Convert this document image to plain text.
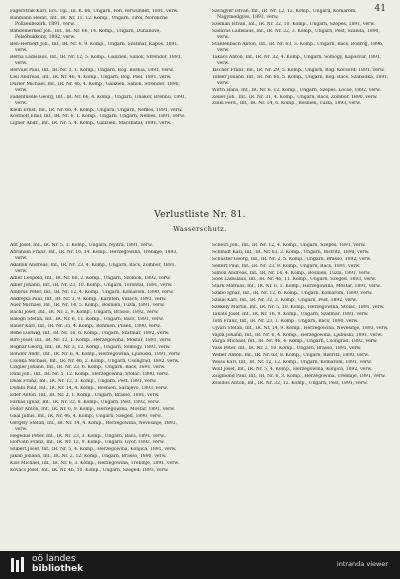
41

Fagerstrak Karl, Ers. Tgl., Ill. K. 66, Ungarn, Fon, verwundet, 1891, verw.

Banmann Heinr., Inf., IR. Nr. 11. 12. Komp., Ungarn, Tirol, Nördliche Polizenbezirk, 1891, verw.

Bandemerkeil Joh., Inf., IR. Nr. 66, 14. Komp., Ungarn, Dunanove, Felsöbukkony, 1892, verw.

Ben-Herbert Joh., Inf., IR. Nr. 6, 9. Komp., Ungarn, Szatmár, Kapos, 1891, verw.

Berna Ladislaus, Inf., IR. Nr. 12, 5. Komp., Galizien, Sanok, Strendor, 1893, verw.

Bervuel Paul, Inf., IR. Nr. 3, 1. Komp., Ungarn, Bog. Bosnia, 1891, verw.

Cell Andreas, Inf., IR. Nr. 46, 4. Komp., Ungarn, Bog. Peel, 1891, verw.

Durler Michael, Inf., IR. Nr. 46, 4. Komp., Galizien, Sanok, Strendor, 1896, verw.

Fadenfusele Georg, Inf., IR. Nr. 66, 4. Komp., Ungarn, Unakor, Brennu, 1891, verw.

Klein Ernst, Inf., IR. Nr. 66, 4. Komp., Ungarn, Ungarn, Nemes, 1891, verw.

Kosthoff Emil, Inf., IR. Nr. 6, 1. Komp., Ungarn, Ungarn, Nemes, 1891, verw.

Ligner Andr., Inf., IR. Nr. 5, 4. Komp., Galizien, Macsbatal, 1891, verw.

Savagyer Istvan, Inf., IR. Nr. 12, 12. Komp., Ungarn, Komárom, Nagymedgyes, 1891, verw.

Szeman Istvan, Inf., IR. Nr. 32, 10. Komp., Ungarn, Szepes, 1891, verw.

Sadaras Ladislaus, Inf., IR. Nr. 22, 3. Komp., Ungarn, Pest, Szanda, 1890, verw.

Stanfenbach Anton, Inf., IR. Nr. 63, 3. Komp., Ungarn, Bács, Bodrog, 1896, verw.

Takacs Anton, Inf., IR. Nr. 32, 4. Komp., Ungarn, Somogy, Kaposvár, 1891, verw.

Tischer Franz, Inf., IR. Nr. 29, 5. Komp., Ungarn, Bog. Kocsord, 1891, verw.

Tobler Johann, Inf., IR. Nr. 66, 5. Komp., Ungarn, Bog. Bács, Szabadka, 1891, verw.

Wirth Hans, Inf., IR. Nr. 6, 12. Komp., Ungarn, Szepes, Lőcse, 1892, verw.

Zeiler Joh., Inf., IR. Nr. 31, 4. Komp., Ungarn, Bács, Zombor, 1890, verw.

Zinkl Ferd., Inf., IR. Nr. 14, 6. Komp., Bosnien, Tuzla, 1893, verw.

Verlustliste Nr. 81.
Wasserschutz.

Abt Josef, Inf., IR. Nr. 5, 1. Komp., Ungarn, Nyitra, 1891, verw.

Abraham Franz, Inf., IR. Nr. 16, 14. Komp., Herzegowina, Trebinje, 1893, verw.

Adamik Andreas, Inf., IR. Nr. 23, 4. Komp., Ungarn, Bács, Zombor, 1891, verw.

Adler Leopold, Inf., IR. Nr. 68, 2. Komp., Ungarn, Szolnok, 1892, verw.

Alber Johann, Inf., IR. Nr. 23, 10. Komp., Ungarn, Torontál, 1891, verw.

Ambrus Peter, Inf., IR. Nr. 12, 4. Komp., Ungarn, Komárom, 1890, verw.

Andrejka Paul, Inf., IR. Nr. 3, 9. Komp., Kärnten, Villach, 1893, verw.

Auer Michael, Inf., IR. Nr. 14, 5. Komp., Bosnien, Tuzla, 1891, verw.

Bachl Josef, Inf., IR. Nr. 2, 9. Komp., Ungarn, Brassó, 1892, verw.

Balogh Stefan, Inf., IR. Nr. 6, 11. Komp., Ungarn, Bács, 1891, verw.

Bauer Karl, Inf., IR. Nr. 35, 4. Komp., Böhmen, Pilsen, 1890, verw.

Bene Ludwig, Inf., IR. Nr. 16, 6. Komp., Ungarn, Szatmár, 1892, verw.

Biro Josef, Inf., IR. Nr. 12, 1. Komp., Herzegowina, Mostar, 1891, verw.

Bognar Georg, Inf., IR. Nr. 3, 12. Komp., Ungarn, Somogy, 1893, verw.

Bondor Andr., Inf., IR. Nr. 6, 4. Komp., Herzegowina, Ljubuški, 1891, verw.

Csonka Michael, Inf., IR. Nr. 46, 2. Komp., Ungarn, Csongrád, 1892, verw.

Czigler Johann, Inf., IR. Nr. 23, 6. Komp., Ungarn, Bács, 1891, verw.

Dani Joh., Inf., IR. Nr. 5, 12. Komp., Herzegowina, Stolac, 1890, verw.

Deak Franz, Inf., IR. Nr. 12, 3. Komp., Ungarn, Pest, 1891, verw.

Dombi Paul, Inf., IR. Nr. 14, 4. Komp., Bosnien, Sarajevo, 1893, verw.

Eder Anton, Inf., IR. Nr. 2, 1. Komp., Ungarn, Brassó, 1891, verw.

Farkas Ignaz, Inf., IR. Nr. 32, 8. Komp., Ungarn, Pest, 1892, verw.

Fodor Anton, Inf., IR. Nr. 6, 9. Komp., Herzegowina, Mostar, 1891, verw.

Gaal Julius, Inf., IR. Nr. 46, 4. Komp., Ungarn, Szeged, 1890, verw.

Gergely Stefan, Inf., IR. Nr. 14, 4. Komp., Herzegowina, Nevesinje, 1893, verw.

Hegedüs Peter, Inf., IR. Nr. 23, 3. Komp., Ungarn, Bács, 1891, verw.

Horvath Franz, Inf., IR. Nr. 12, 9. Komp., Ungarn, Győr, 1892, verw.

Hubert Josef, Inf., IR. Nr. 5, 4. Komp., Herzegowina, Konjica, 1891, verw.

Jakab Johann, Inf., IR. Nr. 2, 12. Komp., Ungarn, Brassó, 1890, verw.

Kiss Michael, Inf., IR. Nr. 6, 3. Komp., Herzegowina, Trebinje, 1891, verw.

Kovacs Josef, Inf., IR. Nr. 46, 10. Komp., Ungarn, Szeged, 1893, verw.

Scheicl Joh., Inf., IR. Nr. 12, 4. Komp., Ungarn, Szepes, 1891, verw.

Schmidt Karl, Inf., IR. Nr. 63, 2. Komp., Ungarn, Bistritz, 1890, verw.

Schuster Georg, Inf., IR. Nr. 2, 5. Komp., Ungarn, Brassó, 1892, verw.

Seifert Paul, Inf., IR. Nr. 23, 9. Komp., Ungarn, Bács, 1891, verw.

Simon Andreas, Inf., IR. Nr. 14, 4. Komp., Bosnien, Tuzla, 1891, verw.

Soos Ladislaus, Inf., IR. Nr. 46, 11. Komp., Ungarn, Szeged, 1893, verw.

Stark Mathias, Inf., IR. Nr. 6, 1. Komp., Herzegowina, Mostar, 1891, verw.

Szabo Ignaz, Inf., IR. Nr. 12, 6. Komp., Ungarn, Komárom, 1890, verw.

Szalai Karl, Inf., IR. Nr. 32, 3. Komp., Ungarn, Pest, 1892, verw.

Szekely Martin, Inf., IR. Nr. 5, 10. Komp., Herzegowina, Stolac, 1891, verw.

Takats Josef, Inf., IR. Nr. 16, 9. Komp., Ungarn, Szatmár, 1891, verw.

Toth Franz, Inf., IR. Nr. 23, 1. Komp., Ungarn, Bács, 1890, verw.

Ujvari Stefan, Inf., IR. Nr. 14, 9. Komp., Herzegowina, Nevesinje, 1893, verw.

Vajda Johann, Inf., IR. Nr. 6, 4. Komp., Herzegowina, Ljubuški, 1891, verw.

Varga Michael, Inf., IR. Nr. 46, 4. Komp., Ungarn, Csongrád, 1892, verw.

Vass Peter, Inf., IR. Nr. 2, 10. Komp., Ungarn, Brassó, 1891, verw.

Weber Anton, Inf., IR. Nr. 63, 8. Komp., Ungarn, Bistritz, 1890, verw.

Weiss Karl, Inf., IR. Nr. 12, 12. Komp., Ungarn, Komárom, 1891, verw.

Wolf Josef, Inf., IR. Nr. 5, 4. Komp., Herzegowina, Konjica, 1892, verw.

Zsigmond Paul, Inf., IR. Nr. 6, 3. Komp., Herzegowina, Trebinje, 1891, verw.

Zsoldos Anton, Inf., IR. Nr. 32, 12. Komp., Ungarn, Pest, 1891, verw.

oö landes
bibliothek	intranda viewer
